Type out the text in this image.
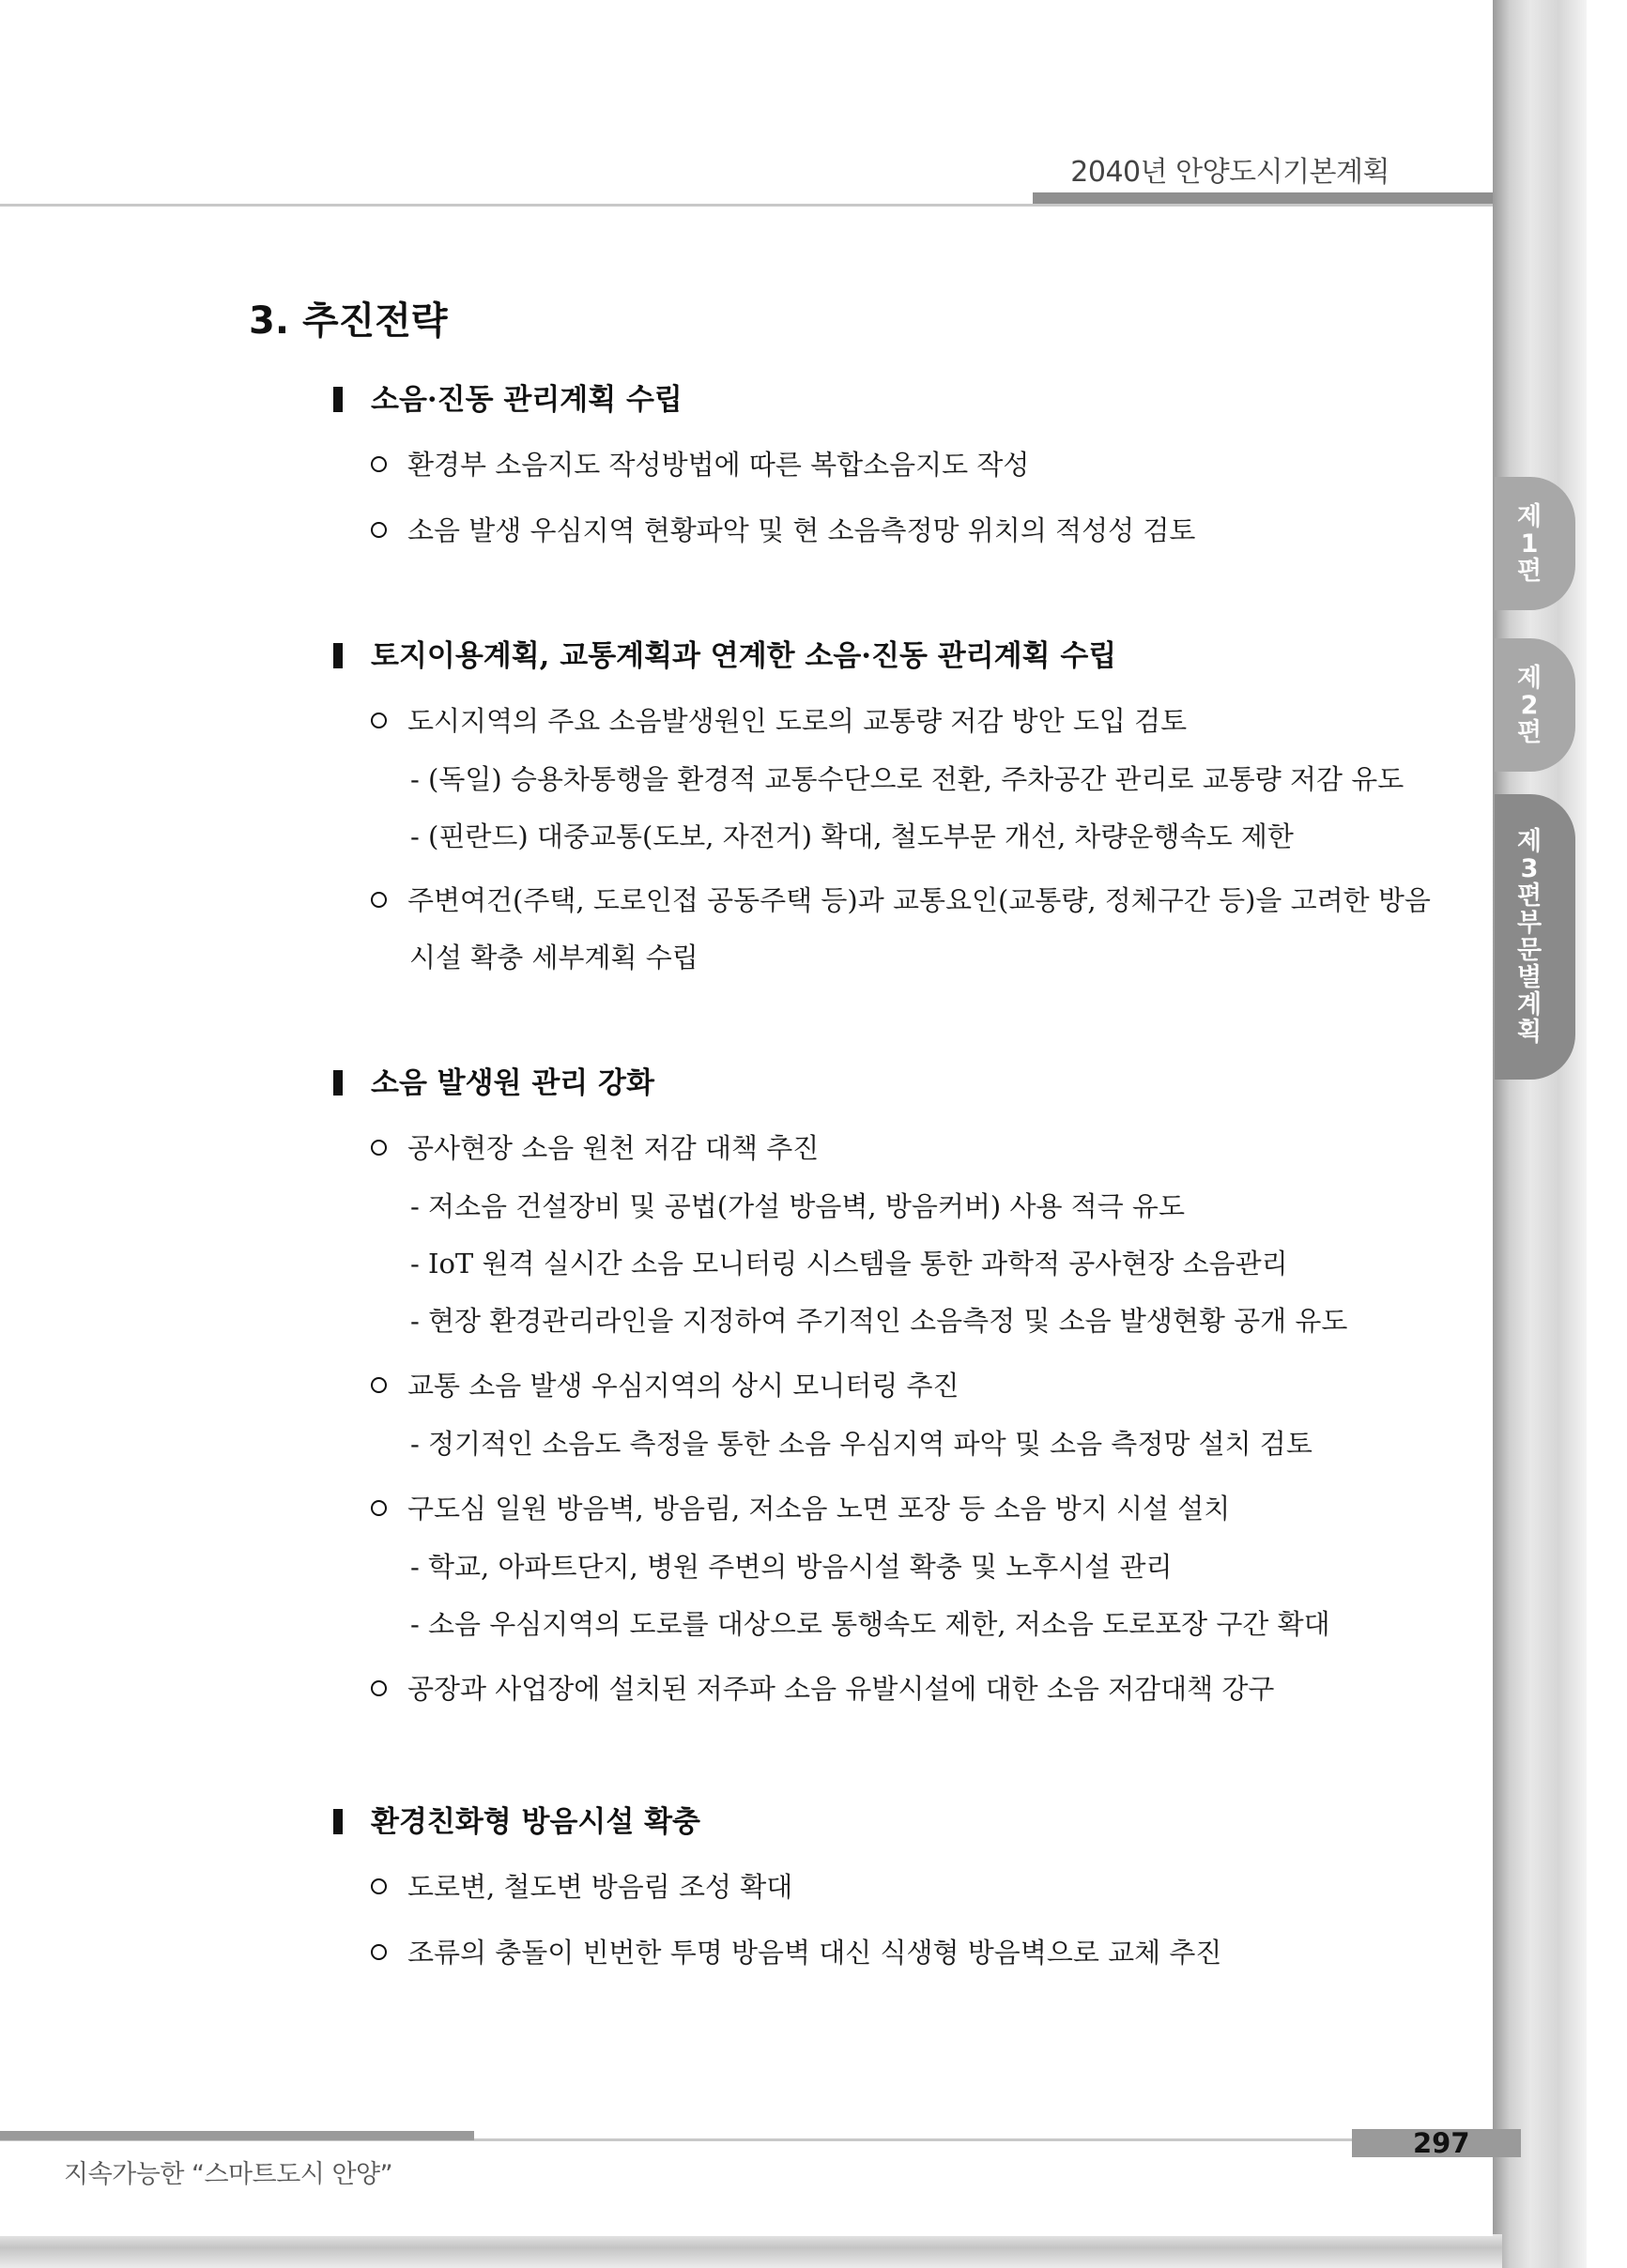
2040년 안양도시기본계획
3. 추진전략
소음·진동 관리계획 수립
환경부 소음지도 작성방법에 따른 복합소음지도 작성
소음 발생 우심지역 현황파악 및 현 소음측정망 위치의 적성성 검토
토지이용계획, 교통계획과 연계한 소음·진동 관리계획 수립
도시지역의 주요 소음발생원인 도로의 교통량 저감 방안 도입 검토
- (독일) 승용차통행을 환경적 교통수단으로 전환, 주차공간 관리로 교통량 저감 유도
- (핀란드) 대중교통(도보, 자전거) 확대, 철도부문 개선, 차량운행속도 제한
주변여건(주택, 도로인접 공동주택 등)과 교통요인(교통량, 정체구간 등)을 고려한 방음
시설 확충 세부계획 수립
소음 발생원 관리 강화
공사현장 소음 원천 저감 대책 추진
- 저소음 건설장비 및 공법(가설 방음벽, 방음커버) 사용 적극 유도
- IoT 원격 실시간 소음 모니터링 시스템을 통한 과학적 공사현장 소음관리
- 현장 환경관리라인을 지정하여 주기적인 소음측정 및 소음 발생현황 공개 유도
교통 소음 발생 우심지역의 상시 모니터링 추진
- 정기적인 소음도 측정을 통한 소음 우심지역 파악 및 소음 측정망 설치 검토
구도심 일원 방음벽, 방음림, 저소음 노면 포장 등 소음 방지 시설 설치
- 학교, 아파트단지, 병원 주변의 방음시설 확충 및 노후시설 관리
- 소음 우심지역의 도로를 대상으로 통행속도 제한, 저소음 도로포장 구간 확대
공장과 사업장에 설치된 저주파 소음 유발시설에 대한 소음 저감대책 강구
환경친화형 방음시설 확충
도로변, 철도변 방음림 조성 확대
조류의 충돌이 빈번한 투명 방음벽 대신 식생형 방음벽으로 교체 추진
297
지속가능한 “스마트도시 안양”
제
1
편
제
2
편
제
3
편
부
문
별
계
획
